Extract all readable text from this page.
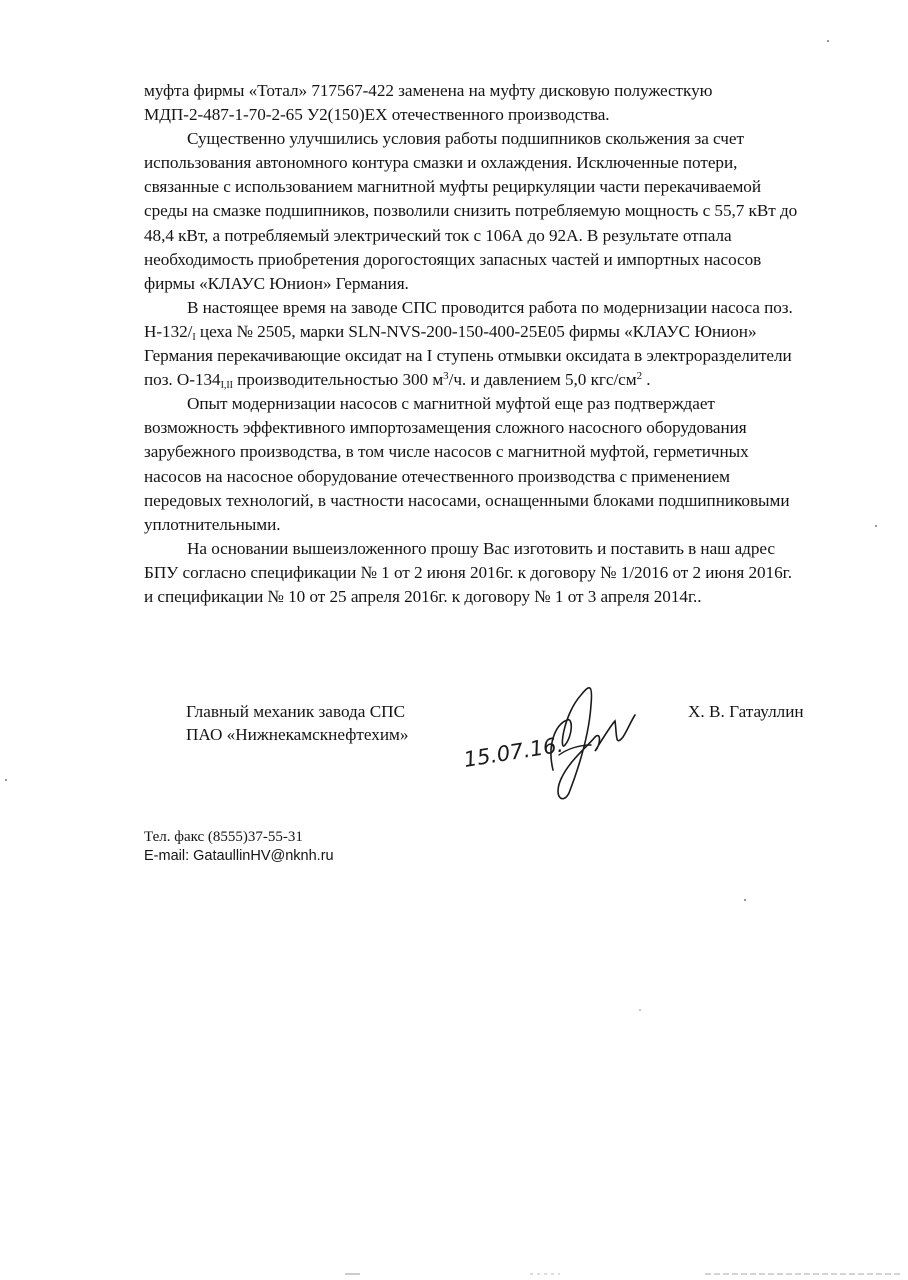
муфта фирмы «Тотал» 717567-422 заменена на муфту дисковую полужесткую

МДП-2-487-1-70-2-65 У2(150)ЕХ отечественного производства.

Существенно улучшились условия работы подшипников скольжения за счет

использования автономного контура смазки и охлаждения. Исключенные потери,

связанные с использованием магнитной муфты рециркуляции части перекачиваемой

среды на смазке подшипников, позволили снизить потребляемую мощность с 55,7 кВт до

48,4 кВт, а потребляемый электрический ток с 106А до 92А. В результате отпала

необходимость приобретения дорогостоящих запасных частей и импортных насосов

фирмы «КЛАУС Юнион» Германия.

В настоящее время на заводе СПС проводится работа по модернизации насоса поз.

$Н-132/_I$ цеха № 2505, марки SLN-NVS-200-150-400-25E05 фирмы «КЛАУС Юнион»

Германия перекачивающие оксидат на I ступень отмывки оксидата в электроразделители

поз. $О-134_{I,II}$ производительностью 300 $м^3/ч$. и давлением 5,0 кгс/$см^2$ .

Опыт модернизации насосов с магнитной муфтой еще раз подтверждает

возможность эффективного импортозамещения сложного насосного оборудования

зарубежного производства, в том числе насосов с магнитной муфтой, герметичных

насосов на насосное оборудование отечественного производства с применением

передовых технологий, в частности насосами, оснащенными блоками подшипниковыми

уплотнительными.

На основании вышеизложенного прошу Вас изготовить и поставить в наш адрес

БПУ согласно спецификации № 1 от 2 июня 2016г. к договору № 1/2016 от 2 июня 2016г.

и спецификации № 10 от 25 апреля 2016г. к договору № 1 от 3 апреля 2014г..

Главный механик завода СПС
ПАО «Нижнекамскнефтехим»	15.07.16.
Х. В. Гатауллин
Тел. факс (8555)37-55-31
E-mail: GataullinHV@nknh.ru
